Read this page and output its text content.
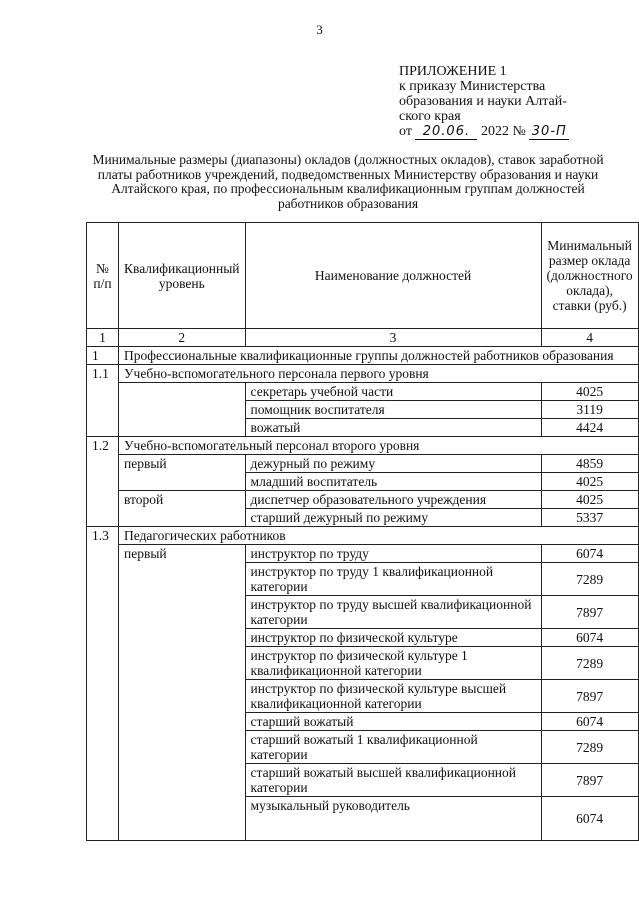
3
ПРИЛОЖЕНИЕ 1
к приказу Министерства
образования и науки Алтай-
ского края
от 20.06. 2022 № 30-П
Минимальные размеры (диапазоны) окладов (должностных окладов), ставок заработной платы работников учреждений, подведомственных Министерству образования и науки Алтайского края, по профессиональным квалификационным группам должностей работников образования
№ п/п	Квалификационный уровень	Наименование должностей	Минимальный размер оклада (должностного оклада), ставки (руб.)
1	2	3	4
1	Профессиональные квалификационные группы должностей работников образования		
1.1	Учебно-вспомогательного персонала первого уровня		
		секретарь учебной части	4025
		помощник воспитателя	3119
		вожатый	4424
1.2	Учебно-вспомогательный персонал второго уровня		
	первый	дежурный по режиму	4859
		младший воспитатель	4025
	второй	диспетчер образовательного учреждения	4025
		старший дежурный по режиму	5337
1.3	Педагогических работников		
	первый	инструктор по труду	6074
		инструктор по труду 1 квалификационной категории	7289
		инструктор по труду высшей квалификационной категории	7897
		инструктор по физической культуре	6074
		инструктор по физической культуре 1 квалификационной категории	7289
		инструктор по физической культуре высшей квалификационной категории	7897
		старший вожатый	6074
		старший вожатый 1 квалификационной категории	7289
		старший вожатый высшей квалификационной категории	7897
		музыкальный руководитель	6074
